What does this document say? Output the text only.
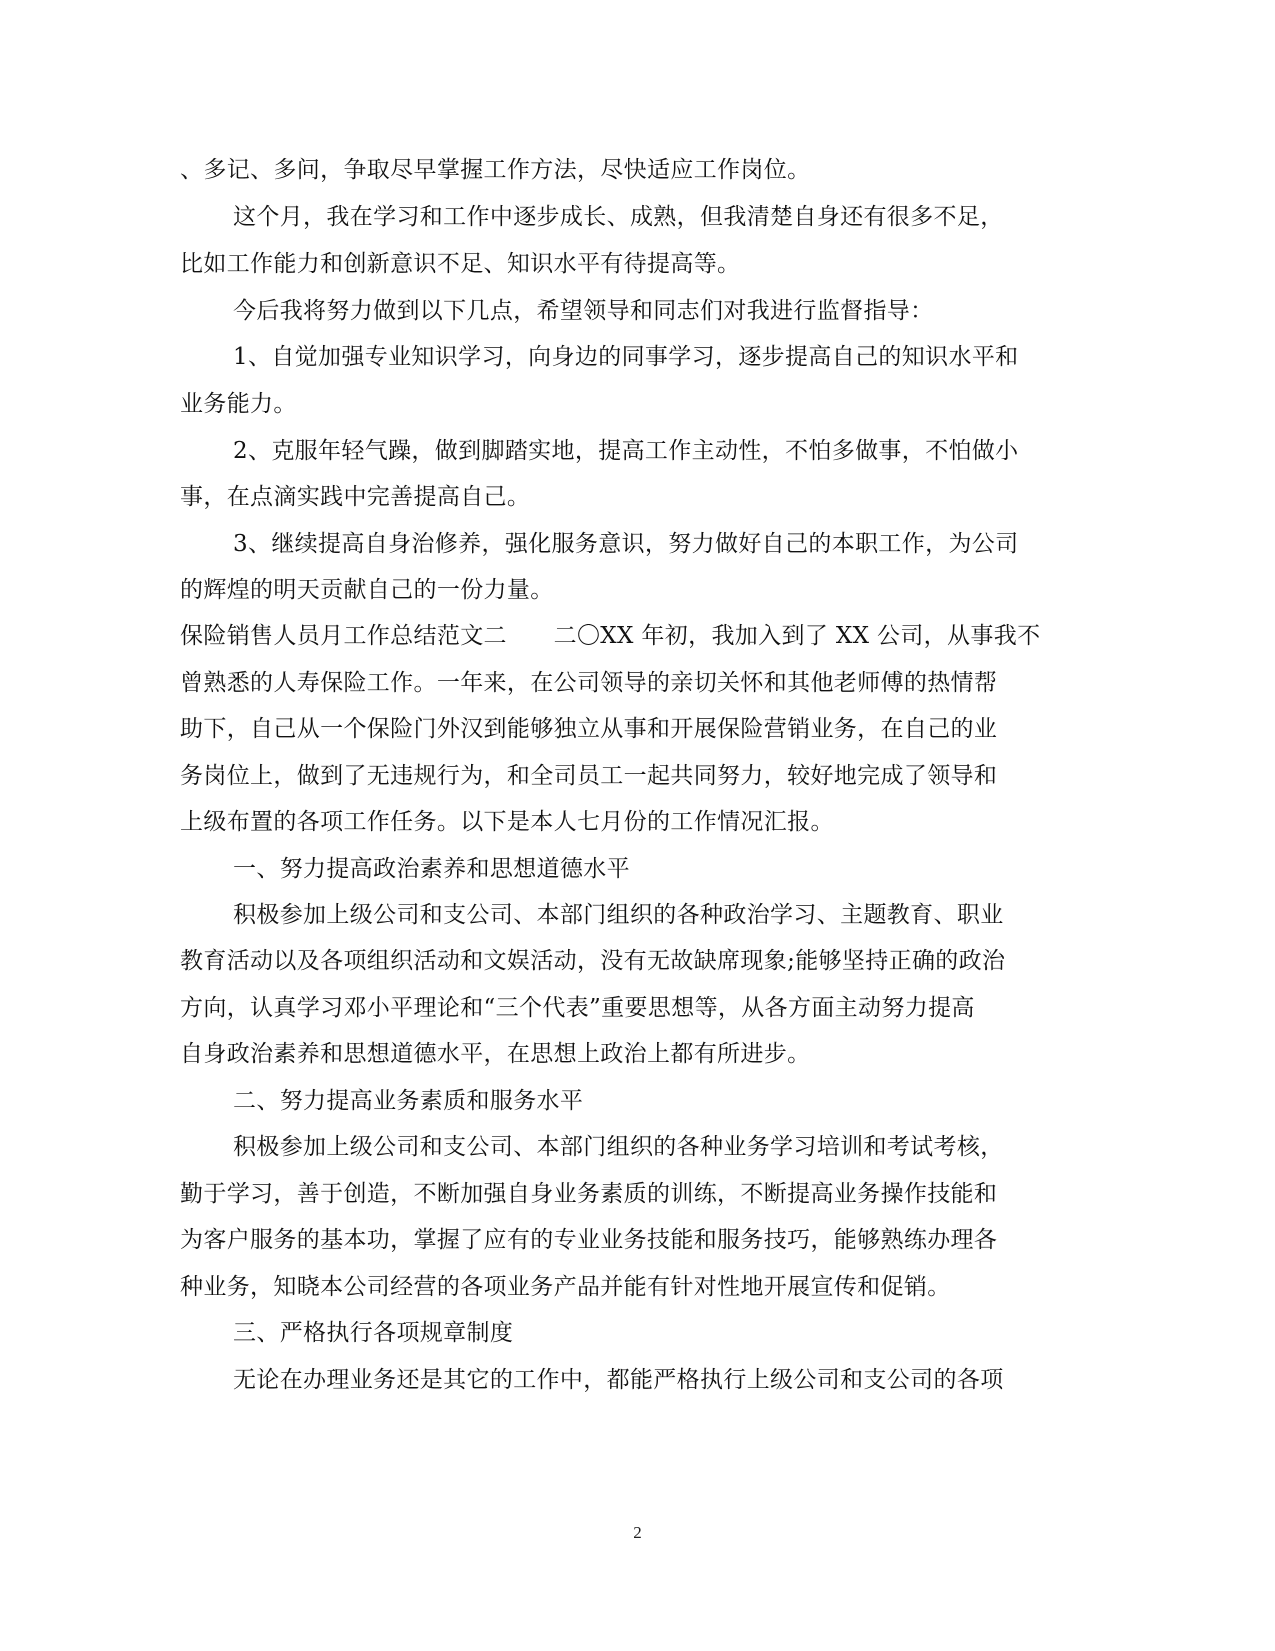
、多记、多问，争取尽早掌握工作方法，尽快适应工作岗位。
这个月，我在学习和工作中逐步成长、成熟，但我清楚自身还有很多不足，
比如工作能力和创新意识不足、知识水平有待提高等。
今后我将努力做到以下几点，希望领导和同志们对我进行监督指导：
1、自觉加强专业知识学习，向身边的同事学习，逐步提高自己的知识水平和
业务能力。
2、克服年轻气躁，做到脚踏实地，提高工作主动性，不怕多做事，不怕做小
事，在点滴实践中完善提高自己。
3、继续提高自身治修养，强化服务意识，努力做好自己的本职工作，为公司
的辉煌的明天贡献自己的一份力量。
保险销售人员月工作总结范文二　　二〇XX 年初，我加入到了 XX 公司，从事我不
曾熟悉的人寿保险工作。一年来，在公司领导的亲切关怀和其他老师傅的热情帮
助下，自己从一个保险门外汉到能够独立从事和开展保险营销业务，在自己的业
务岗位上，做到了无违规行为，和全司员工一起共同努力，较好地完成了领导和
上级布置的各项工作任务。以下是本人七月份的工作情况汇报。
一、努力提高政治素养和思想道德水平
积极参加上级公司和支公司、本部门组织的各种政治学习、主题教育、职业
教育活动以及各项组织活动和文娱活动，没有无故缺席现象;能够坚持正确的政治
方向，认真学习邓小平理论和“三个代表”重要思想等，从各方面主动努力提高
自身政治素养和思想道德水平，在思想上政治上都有所进步。
二、努力提高业务素质和服务水平
积极参加上级公司和支公司、本部门组织的各种业务学习培训和考试考核，
勤于学习，善于创造，不断加强自身业务素质的训练，不断提高业务操作技能和
为客户服务的基本功，掌握了应有的专业业务技能和服务技巧，能够熟练办理各
种业务，知晓本公司经营的各项业务产品并能有针对性地开展宣传和促销。
三、严格执行各项规章制度
无论在办理业务还是其它的工作中，都能严格执行上级公司和支公司的各项
2
